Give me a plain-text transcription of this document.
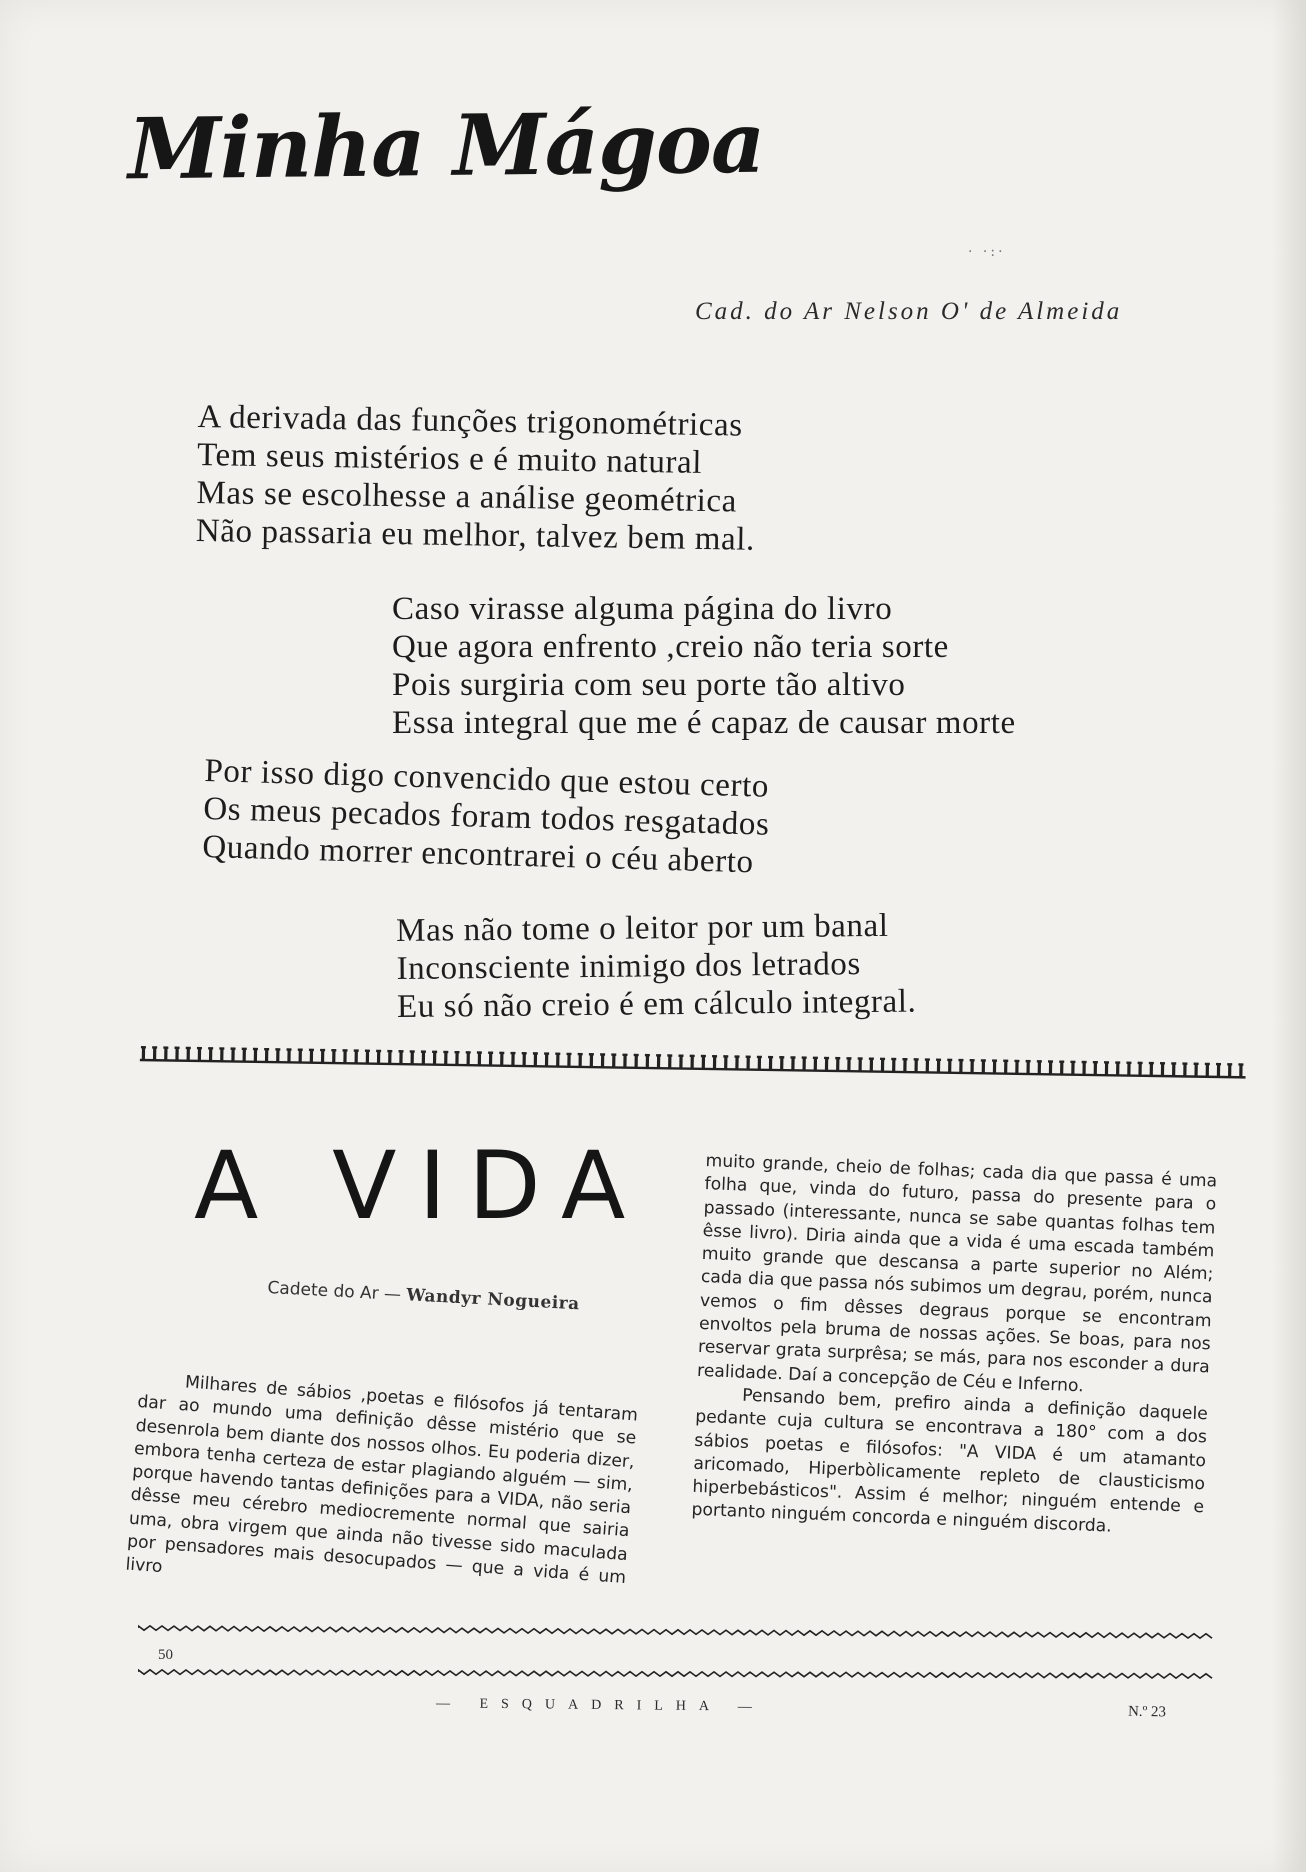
Minha Mágoa
· ·:·
Cad. do Ar Nelson O' de Almeida
A derivada das funções trigonométricas
Tem seus mistérios e é muito natural
Mas se escolhesse a análise geométrica
Não passaria eu melhor, talvez bem mal.
Caso virasse alguma página do livro
Que agora enfrento ,creio não teria sorte
Pois surgiria com seu porte tão altivo
Essa integral que me é capaz de causar morte
Por isso digo convencido que estou certo
Os meus pecados foram todos resgatados
Quando morrer encontrarei o céu aberto
Mas não tome o leitor por um banal
Inconsciente inimigo dos letrados
Eu só não creio é em cálculo integral.
A VIDA
Cadete do Ar — Wandyr Nogueira

Milhares de sábios ,poetas e filósofos já tentaram dar ao mundo uma definição dêsse mistério que se desenrola bem diante dos nossos olhos. Eu poderia dizer, embora tenha certeza de estar plagiando alguém — sim, porque havendo tantas definições para a VIDA, não seria dêsse meu cérebro mediocremente normal que sairia uma, obra virgem que ainda não tivesse sido maculada por pensadores mais desocupados — que a vida é um livro

muito grande, cheio de folhas; cada dia que passa é uma folha que, vinda do futuro, passa do presente para o passado (interessante, nunca se sabe quantas folhas tem êsse livro). Diria ainda que a vida é uma escada também muito grande que descansa a parte superior no Além; cada dia que passa nós subimos um degrau, porém, nunca vemos o fim dêsses degraus porque se encontram envoltos pela bruma de nossas ações. Se boas, para nos reservar grata surprêsa; se más, para nos esconder a dura realidade. Daí a concepção de Céu e Inferno.

Pensando bem, prefiro ainda a definição daquele pedante cuja cultura se encontrava a 180° com a dos sábios poetas e filósofos: "A VIDA é um atamanto aricomado, Hiperbòlicamente repleto de clausticismo hiperbebásticos". Assim é melhor; ninguém entende e portanto ninguém concorda e ninguém discorda.

50
— ESQUADRILHA —	N.º 23
